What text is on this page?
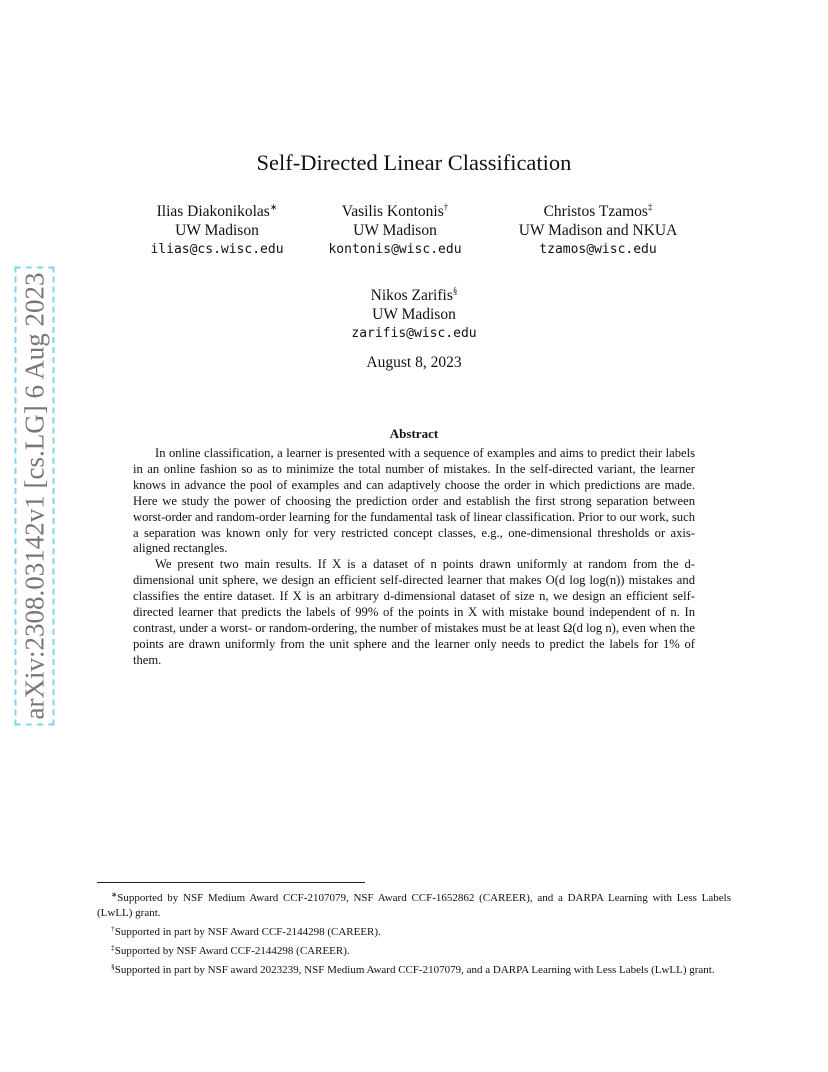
arXiv:2308.03142v1 [cs.LG] 6 Aug 2023
Self-Directed Linear Classification
Ilias Diakonikolas∗
UW Madison
ilias@cs.wisc.edu
Vasilis Kontonis†
UW Madison
kontonis@wisc.edu
Christos Tzamos‡
UW Madison and NKUA
tzamos@wisc.edu
Nikos Zarifis§
UW Madison
zarifis@wisc.edu
August 8, 2023
Abstract

In online classification, a learner is presented with a sequence of examples and aims to predict their labels in an online fashion so as to minimize the total number of mistakes. In the self-directed variant, the learner knows in advance the pool of examples and can adaptively choose the order in which predictions are made. Here we study the power of choosing the prediction order and establish the first strong separation between worst-order and random-order learning for the fundamental task of linear classification. Prior to our work, such a separation was known only for very restricted concept classes, e.g., one-dimensional thresholds or axis-aligned rectangles.

We present two main results. If X is a dataset of n points drawn uniformly at random from the d-dimensional unit sphere, we design an efficient self-directed learner that makes O(d log log(n)) mistakes and classifies the entire dataset. If X is an arbitrary d-dimensional dataset of size n, we design an efficient self-directed learner that predicts the labels of 99% of the points in X with mistake bound independent of n. In contrast, under a worst- or random-ordering, the number of mistakes must be at least Ω(d log n), even when the points are drawn uniformly from the unit sphere and the learner only needs to predict the labels for 1% of them.

∗Supported by NSF Medium Award CCF-2107079, NSF Award CCF-1652862 (CAREER), and a DARPA Learning with Less Labels (LwLL) grant.

†Supported in part by NSF Award CCF-2144298 (CAREER).

‡Supported by NSF Award CCF-2144298 (CAREER).

§Supported in part by NSF award 2023239, NSF Medium Award CCF-2107079, and a DARPA Learning with Less Labels (LwLL) grant.
